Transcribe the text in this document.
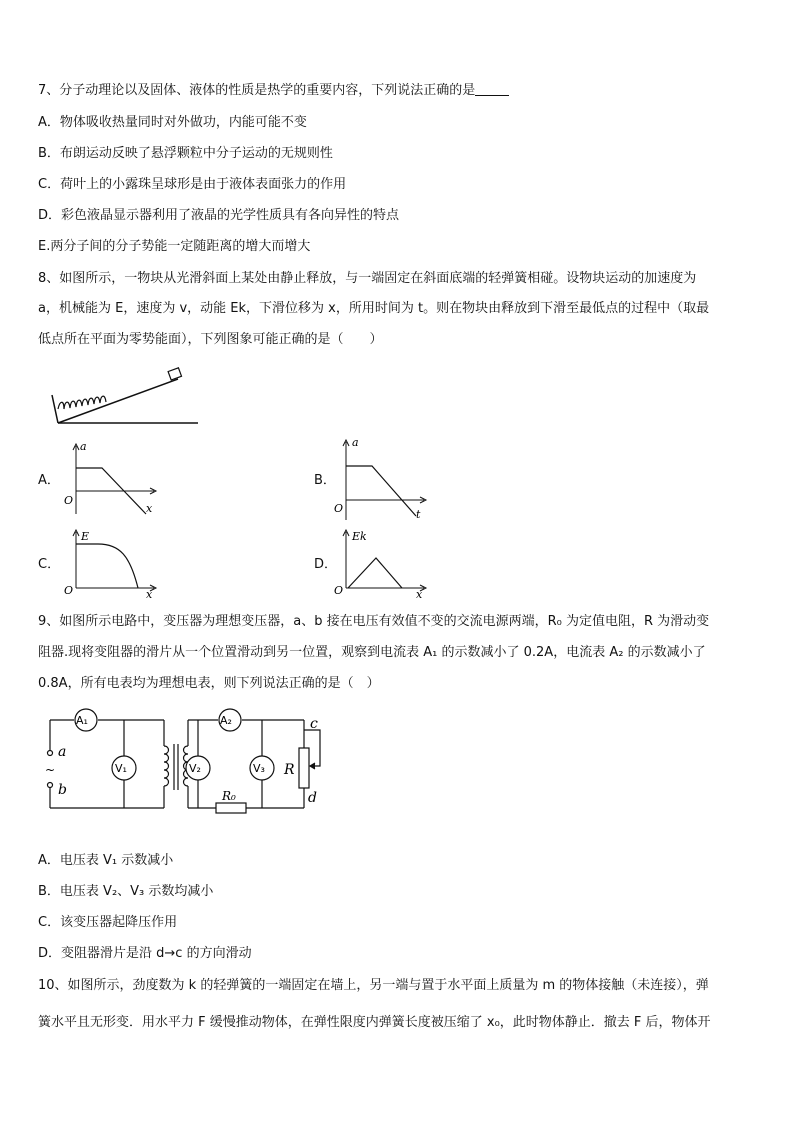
7、分子动理论以及固体、液体的性质是热学的重要内容，下列说法正确的是
A．物体吸收热量同时对外做功，内能可能不变
B．布朗运动反映了悬浮颗粒中分子运动的无规则性
C．荷叶上的小露珠呈球形是由于液体表面张力的作用
D．彩色液晶显示器利用了液晶的光学性质具有各向异性的特点
E.两分子间的分子势能一定随距离的增大而增大
8、如图所示，一物块从光滑斜面上某处由静止释放，与一端固定在斜面底端的轻弹簧相碰。设物块运动的加速度为
a，机械能为 E，速度为 v，动能 Ek，下滑位移为 x，所用时间为 t。则在物块由释放到下滑至最低点的过程中（取最
低点所在平面为零势能面），下列图象可能正确的是（　　）
A．	B．
C．	D．
a
O
x
a
O	t
E
O	x
Ek
O	x
9、如图所示电路中，变压器为理想变压器，a、b 接在电压有效值不变的交流电源两端，R₀ 为定值电阻，R 为滑动变
阻器.现将变阻器的滑片从一个位置滑动到另一位置，观察到电流表 A₁ 的示数减小了 0.2A，电流表 A₂ 的示数减小了
0.8A，所有电表均为理想电表，则下列说法正确的是（　）
A₁	A₂
V₁	V₂	V₃
a
b
~
c
d
R
R₀
A．电压表 V₁ 示数减小
B．电压表 V₂、V₃ 示数均减小
C．该变压器起降压作用
D．变阻器滑片是沿 d→c 的方向滑动
10、如图所示，劲度数为 k 的轻弹簧的一端固定在墙上，另一端与置于水平面上质量为 m 的物体接触（未连接），弹
簧水平且无形变．用水平力 F 缓慢推动物体，在弹性限度内弹簧长度被压缩了 x₀，此时物体静止．撤去 F 后，物体开
